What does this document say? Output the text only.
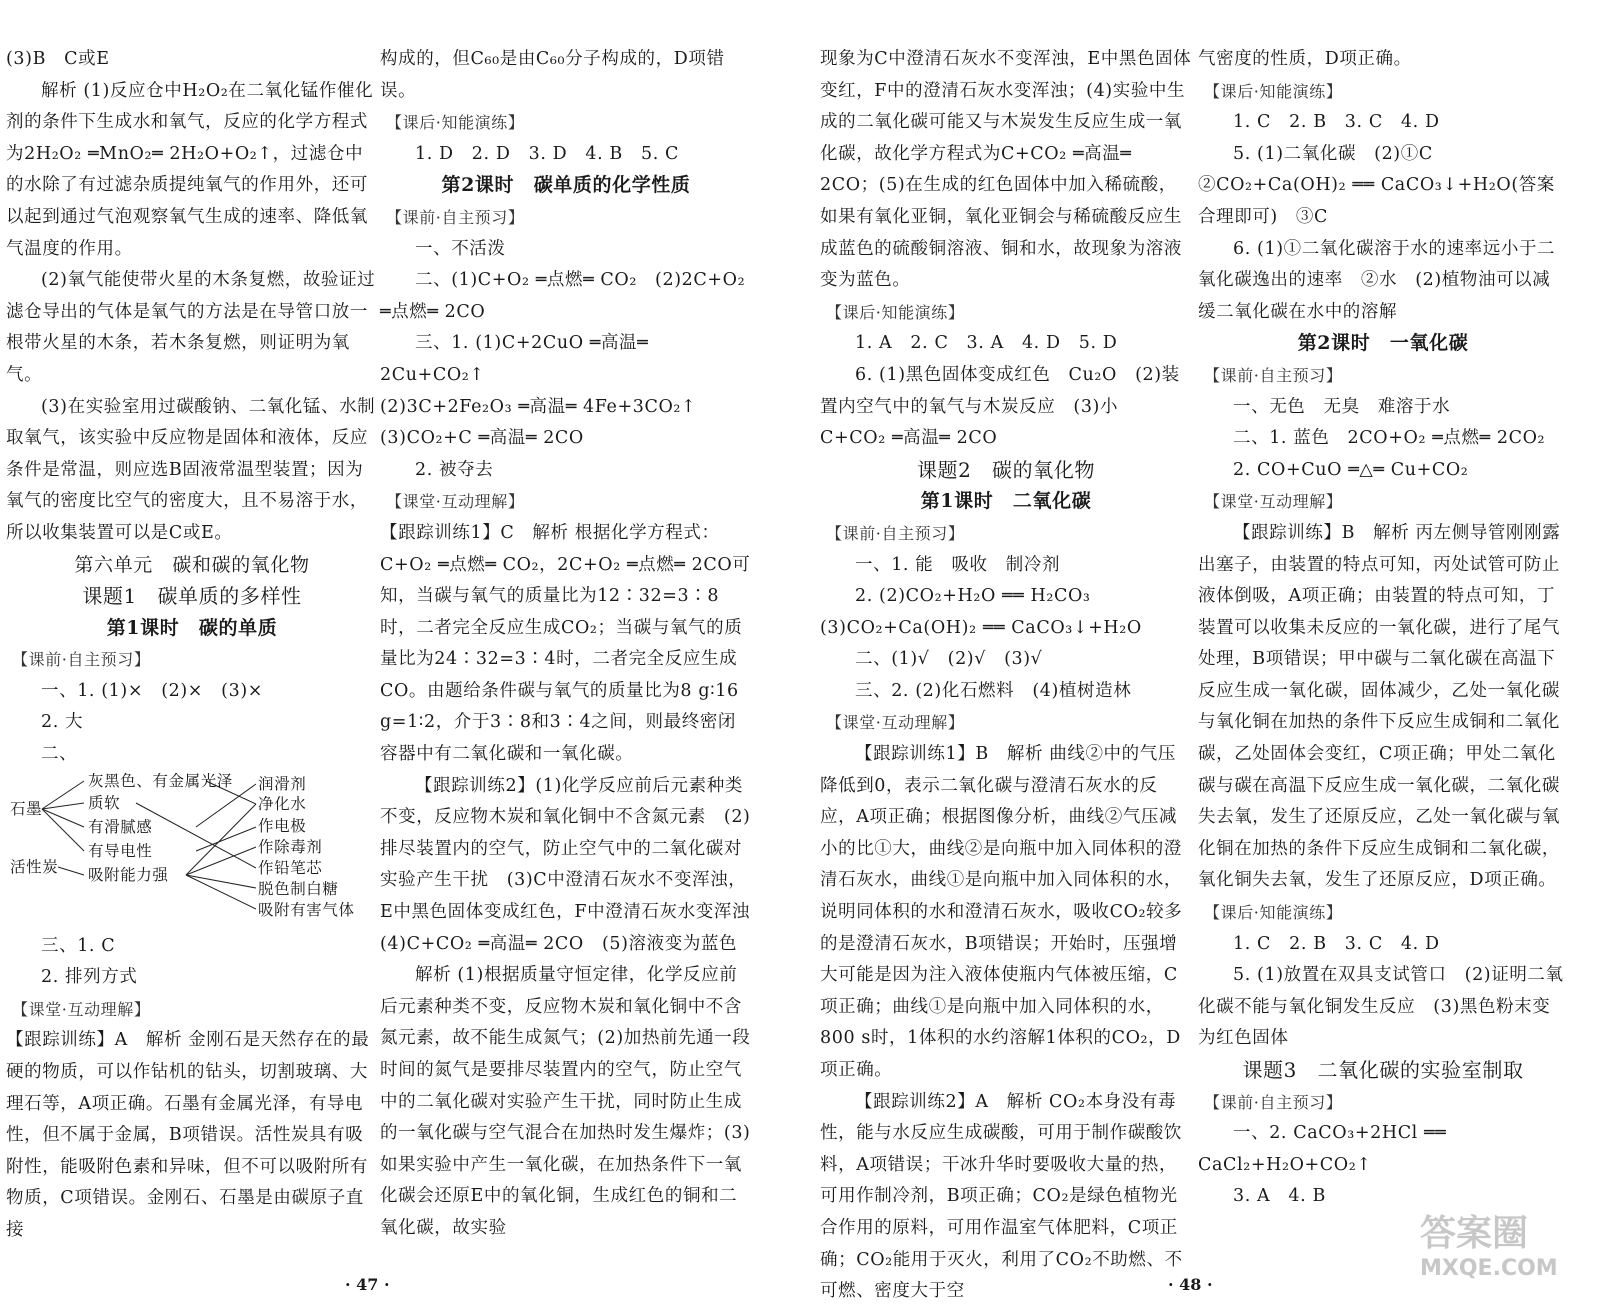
(3)B　C或E

解析 (1)反应仓中H₂O₂在二氧化锰作催化剂的条件下生成水和氧气，反应的化学方程式为2H₂O₂ ═MnO₂═ 2H₂O+O₂↑，过滤仓中的水除了有过滤杂质提纯氧气的作用外，还可以起到通过气泡观察氧气生成的速率、降低氧气温度的作用。

(2)氧气能使带火星的木条复燃，故验证过滤仓导出的气体是氧气的方法是在导管口放一根带火星的木条，若木条复燃，则证明为氧气。

(3)在实验室用过碳酸钠、二氧化锰、水制取氧气，该实验中反应物是固体和液体，反应条件是常温，则应选B固液常温型装置；因为氧气的密度比空气的密度大，且不易溶于水，所以收集装置可以是C或E。

第六单元　碳和碳的氧化物

课题1　碳单质的多样性

第1课时　碳的单质

【课前·自主预习】

一、1. (1)×　(2)×　(3)×

2. 大

二、

石墨
活性炭
灰黑色、有金属光泽
质软
有滑腻感
有导电性
吸附能力强
润滑剂
净化水
作电极
作除毒剂
作铅笔芯
脱色制白糖
吸附有害气体

三、1. C

2. 排列方式

【课堂·互动理解】

【跟踪训练】A　解析 金刚石是天然存在的最硬的物质，可以作钻机的钻头，切割玻璃、大理石等，A项正确。石墨有金属光泽，有导电性，但不属于金属，B项错误。活性炭具有吸附性，能吸附色素和异味，但不可以吸附所有物质，C项错误。金刚石、石墨是由碳原子直接

构成的，但C₆₀是由C₆₀分子构成的，D项错误。

【课后·知能演练】

1. D　2. D　3. D　4. B　5. C

第2课时　碳单质的化学性质

【课前·自主预习】

一、不活泼

二、(1)C+O₂ ═点燃═ CO₂　(2)2C+O₂ ═点燃═ 2CO

三、1. (1)C+2CuO ═高温═ 2Cu+CO₂↑

(2)3C+2Fe₂O₃ ═高温═ 4Fe+3CO₂↑　(3)CO₂+C ═高温═ 2CO

2. 被夺去

【课堂·互动理解】

【跟踪训练1】C　解析 根据化学方程式：C+O₂ ═点燃═ CO₂，2C+O₂ ═点燃═ 2CO可知，当碳与氧气的质量比为12∶32=3∶8时，二者完全反应生成CO₂；当碳与氧气的质量比为24∶32=3∶4时，二者完全反应生成CO。由题给条件碳与氧气的质量比为8 g∶16 g=1∶2，介于3∶8和3∶4之间，则最终密闭容器中有二氧化碳和一氧化碳。

【跟踪训练2】(1)化学反应前后元素种类不变，反应物木炭和氧化铜中不含氮元素　(2)排尽装置内的空气，防止空气中的二氧化碳对实验产生干扰　(3)C中澄清石灰水不变浑浊，E中黑色固体变成红色，F中澄清石灰水变浑浊

(4)C+CO₂ ═高温═ 2CO　(5)溶液变为蓝色

解析 (1)根据质量守恒定律，化学反应前后元素种类不变，反应物木炭和氧化铜中不含氮元素，故不能生成氮气；(2)加热前先通一段时间的氮气是要排尽装置内的空气，防止空气中的二氧化碳对实验产生干扰，同时防止生成的一氧化碳与空气混合在加热时发生爆炸；(3)如果实验中产生一氧化碳，在加热条件下一氧化碳会还原E中的氧化铜，生成红色的铜和二氧化碳，故实验

现象为C中澄清石灰水不变浑浊，E中黑色固体变红，F中的澄清石灰水变浑浊；(4)实验中生成的二氧化碳可能又与木炭发生反应生成一氧化碳，故化学方程式为C+CO₂ ═高温═ 2CO；(5)在生成的红色固体中加入稀硫酸，如果有氧化亚铜，氧化亚铜会与稀硫酸反应生成蓝色的硫酸铜溶液、铜和水，故现象为溶液变为蓝色。

【课后·知能演练】

1. A　2. C　3. A　4. D　5. D

6. (1)黑色固体变成红色　Cu₂O　(2)装置内空气中的氧气与木炭反应　(3)小　C+CO₂ ═高温═ 2CO

课题2　碳的氧化物

第1课时　二氧化碳

【课前·自主预习】

一、1. 能　吸收　制冷剂

2. (2)CO₂+H₂O ══ H₂CO₃　(3)CO₂+Ca(OH)₂ ══ CaCO₃↓+H₂O

二、(1)√　(2)√　(3)√

三、2. (2)化石燃料　(4)植树造林

【课堂·互动理解】

【跟踪训练1】B　解析 曲线②中的气压降低到0，表示二氧化碳与澄清石灰水的反应，A项正确；根据图像分析，曲线②气压减小的比①大，曲线②是向瓶中加入同体积的澄清石灰水，曲线①是向瓶中加入同体积的水，说明同体积的水和澄清石灰水，吸收CO₂较多的是澄清石灰水，B项错误；开始时，压强增大可能是因为注入液体使瓶内气体被压缩，C项正确；曲线①是向瓶中加入同体积的水，800 s时，1体积的水约溶解1体积的CO₂，D项正确。

【跟踪训练2】A　解析 CO₂本身没有毒性，能与水反应生成碳酸，可用于制作碳酸饮料，A项错误；干冰升华时要吸收大量的热，可用作制冷剂，B项正确；CO₂是绿色植物光合作用的原料，可用作温室气体肥料，C项正确；CO₂能用于灭火，利用了CO₂不助燃、不可燃、密度大于空

气密度的性质，D项正确。

【课后·知能演练】

1. C　2. B　3. C　4. D

5. (1)二氧化碳　(2)①C　②CO₂+Ca(OH)₂ ══ CaCO₃↓+H₂O(答案合理即可)　③C

6. (1)①二氧化碳溶于水的速率远小于二氧化碳逸出的速率　②水　(2)植物油可以减缓二氧化碳在水中的溶解

第2课时　一氧化碳

【课前·自主预习】

一、无色　无臭　难溶于水

二、1. 蓝色　2CO+O₂ ═点燃═ 2CO₂

2. CO+CuO ═△═ Cu+CO₂

【课堂·互动理解】

【跟踪训练】B　解析 丙左侧导管刚刚露出塞子，由装置的特点可知，丙处试管可防止液体倒吸，A项正确；由装置的特点可知，丁装置可以收集未反应的一氧化碳，进行了尾气处理，B项错误；甲中碳与二氧化碳在高温下反应生成一氧化碳，固体减少，乙处一氧化碳与氧化铜在加热的条件下反应生成铜和二氧化碳，乙处固体会变红，C项正确；甲处二氧化碳与碳在高温下反应生成一氧化碳，二氧化碳失去氧，发生了还原反应，乙处一氧化碳与氧化铜在加热的条件下反应生成铜和二氧化碳，氧化铜失去氧，发生了还原反应，D项正确。

【课后·知能演练】

1. C　2. B　3. C　4. D

5. (1)放置在双具支试管口　(2)证明二氧化碳不能与氧化铜发生反应　(3)黑色粉末变为红色固体

课题3　二氧化碳的实验室制取

【课前·自主预习】

一、2. CaCO₃+2HCl ══ CaCl₂+H₂O+CO₂↑

3. A　4. B

· 47 ·	· 48 ·
答案圈
MXQE.COM
